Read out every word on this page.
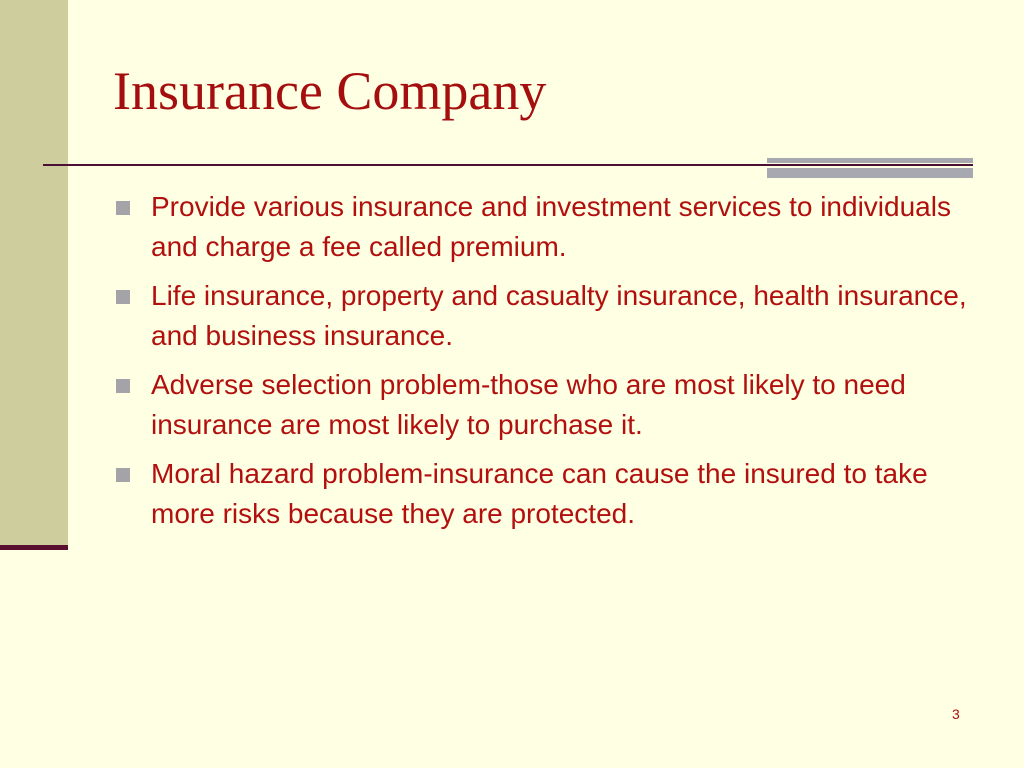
Insurance Company
Provide various insurance and investment services to individuals and charge a fee called premium.
Life insurance, property and casualty insurance, health insurance, and business insurance.
Adverse selection problem-those who are most likely to need insurance are most likely to purchase it.
Moral hazard problem-insurance can cause the insured to take more risks because they are protected.
3
